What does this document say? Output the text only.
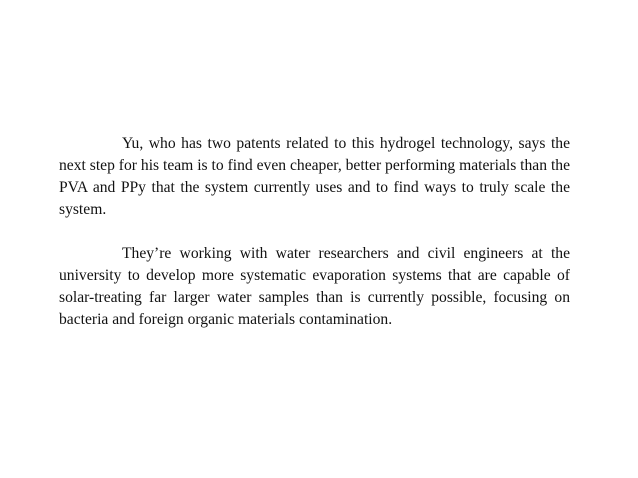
Yu, who has two patents related to this hydrogel technology, says the next step for his team is to find even cheaper, better performing materials than the PVA and PPy that the system currently uses and to find ways to truly scale the system.

They’re working with water researchers and civil engineers at the university to develop more systematic evaporation systems that are capable of solar-treating far larger water samples than is currently possible, focusing on bacteria and foreign organic materials contamination.
